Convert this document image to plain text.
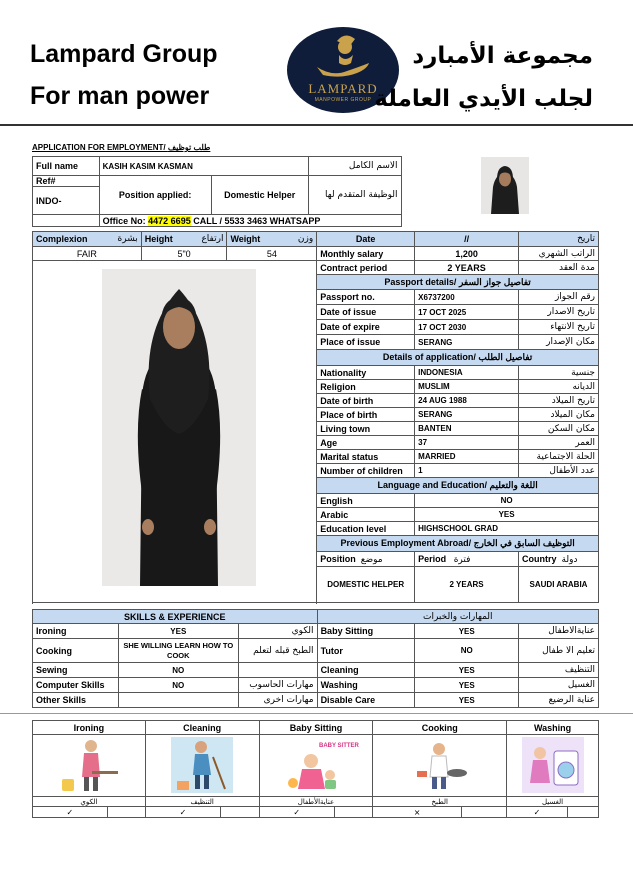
Lampard Group
For man power	LAMPARD
MANPOWER GROUP
مجموعة الأمبارد
لجلب الأيدي العاملة
APPLICATION FOR EMPLOYMENT/ طلب توظيف
Full name	KASIH KASIM KASMAN		الاسم الكامل	
Ref#	Position applied:	Domestic Helper	الوظيفة المتقدم لها	
INDO-				
	Office No: 4472 6695 CALL / 5533 3463 WHATSAPP			
Complexion بشرة	Height ارتفاع	Weight وزن	Date	//	تاريخ
FAIR	5"0	54	Monthly salary	1,200	الراتب الشهري
			Contract period	2 YEARS	مدة العقد
			Passport details/ تفاصيل جواز السفر		
			Passport no.	X6737200	رقم الجواز
			Date of issue	17 OCT 2025	تاريخ الاصدار
			Date of expire	17 OCT 2030	تاريخ الانتهاء
			Place of issue	SERANG	مكان الإصدار
			Details of application/ تفاصيل الطلب		
			Nationality	INDONESIA	جنسية
			Religion	MUSLIM	الديانه
			Date of birth	24 AUG 1988	تاريخ الميلاد
			Place of birth	SERANG	مكان الميلاد
			Living town	BANTEN	مكان السكن
			Age	37	العمر
			Marital status	MARRIED	الحلة الاجتماعية
			Number of children	1	عدد الأطفال
			Language and Education/ اللغة والتعليم		
			English	NO	
			Arabic	YES	
			Education level	HIGHSCHOOL GRAD	
			Previous Employment Abroad/ التوظيف السابق في الخارج		
			Position موضع	Period فترة	Country دولة
			DOMESTIC HELPER	2 YEARS	SAUDI ARABIA

SKILLS & EXPERIENCE			المهارات والخبرات		
Ironing	YES	الكوي	Baby Sitting	YES	عنايةالاطفال
Cooking	SHE WILLING LEARN HOW TO COOK	الطبخ قبله لتعلم	Tutor	NO	تعليم الا طفال
Sewing	NO		Cleaning	YES	التنظيف
Computer Skills	NO	مهارات الحاسوب	Washing	YES	الغسيل
Other Skills		مهارات اخرى	Disable Care	YES	عناية الرضيع
Ironing		Cleaning		Baby Sitting		Cooking		Washing	

BABY SITTER

الكوي		التنظيف		عنايةالأطفال		الطبخ		الغسيل	
✓		✓		✓		×		✓	
